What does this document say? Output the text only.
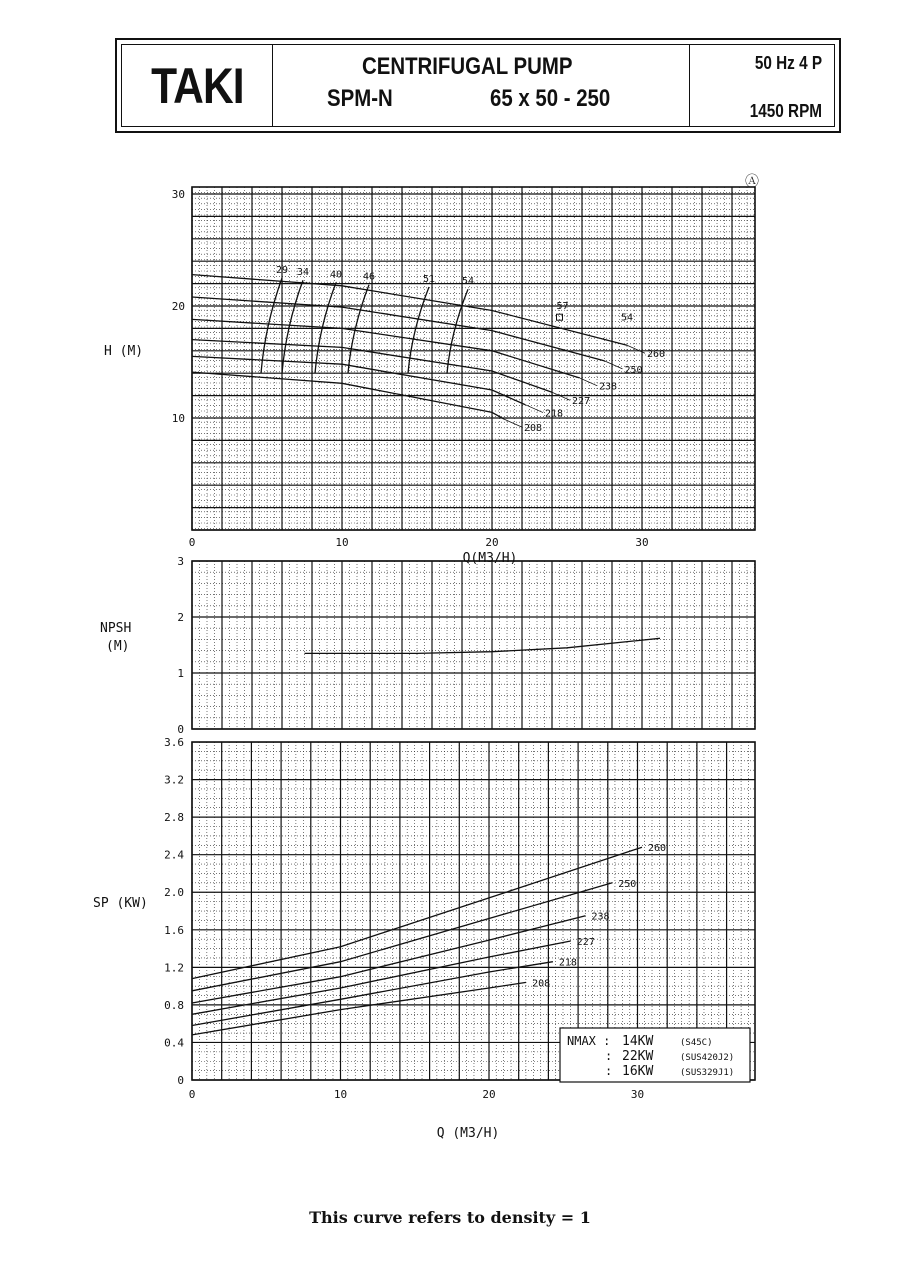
TAKI	CENTRIFUGAL PUMP
SPM-N	65 x 50 - 250
50 Hz 4 P
1450 RPM
0	10	20	30
10
20
30
H (M)
Q(M3/H)
260
250
238
227
218
208
29 34 40 46	51	54
57
54
Ⓐ
0
1
2
3
NPSH
(M)
0	10	20	30
0
0.4
0.8
1.2
1.6
2.0
2.4
2.8
3.2
3.6
SP (KW)
Q (M3/H)
260
250
238
227
218
208
NMAX : 14KW	(S45C)
: 22KW	(SUS420J2)
: 16KW	(SUS329J1)
This curve refers to density = 1
